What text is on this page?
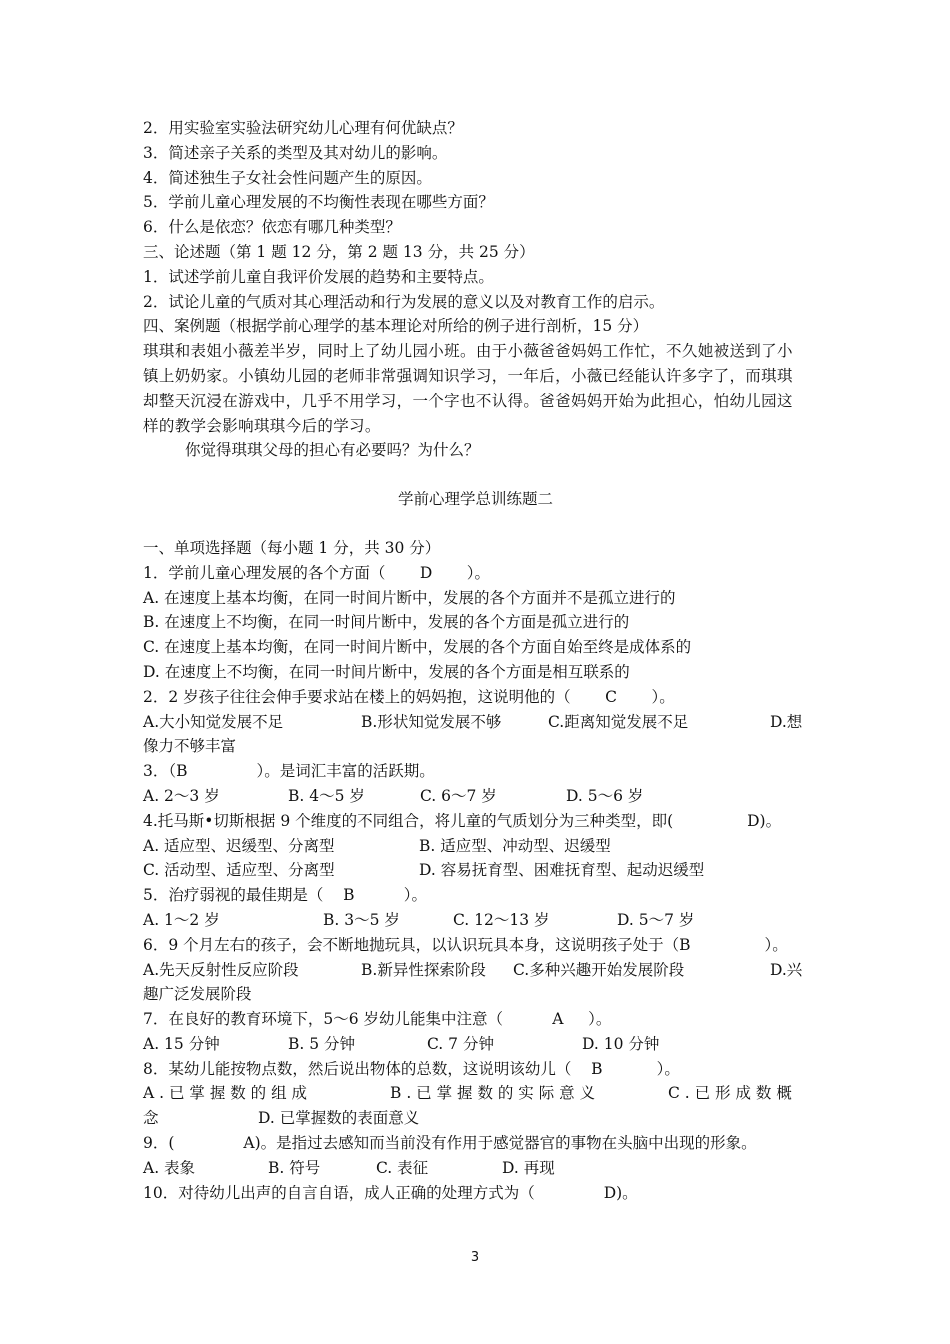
2．用实验室实验法研究幼儿心理有何优缺点？
3．简述亲子关系的类型及其对幼儿的影响。
4．简述独生子女社会性问题产生的原因。
5．学前儿童心理发展的不均衡性表现在哪些方面？
6．什么是依恋？依恋有哪几种类型？
三、论述题（第 1 题 12 分，第 2 题 13 分，共 25 分）
1．试述学前儿童自我评价发展的趋势和主要特点。
2．试论儿童的气质对其心理活动和行为发展的意义以及对教育工作的启示。
四、案例题（根据学前心理学的基本理论对所给的例子进行剖析，15 分）
琪琪和表姐小薇差半岁，同时上了幼儿园小班。由于小薇爸爸妈妈工作忙，不久她被送到了小镇上奶奶家。小镇幼儿园的老师非常强调知识学习，一年后，小薇已经能认许多字了，而琪琪却整天沉浸在游戏中，几乎不用学习，一个字也不认得。爸爸妈妈开始为此担心，怕幼儿园这样的教学会影响琪琪今后的学习。
你觉得琪琪父母的担心有必要吗？为什么？
学前心理学总训练题二
一、单项选择题（每小题 1 分，共 30 分）
1．学前儿童心理发展的各个方面（       D       ）。
A. 在速度上基本均衡，在同一时间片断中，发展的各个方面并不是孤立进行的
B. 在速度上不均衡，在同一时间片断中，发展的各个方面是孤立进行的
C. 在速度上基本均衡，在同一时间片断中，发展的各个方面自始至终是成体系的
D. 在速度上不均衡，在同一时间片断中，发展的各个方面是相互联系的
2．2 岁孩子往往会伸手要求站在楼上的妈妈抱，这说明他的（       C       ）。
A.大小知觉发展不足	B.形状知觉发展不够	C.距离知觉发展不足	D.想
像力不够丰富
3．（B              ）。是词汇丰富的活跃期。
A. 2～3 岁	B. 4～5 岁	C. 6～7 岁	D. 5～6 岁
4.托马斯•切斯根据 9 个维度的不同组合，将儿童的气质划分为三种类型，即(               D)。
A. 适应型、迟缓型、分离型	B. 适应型、冲动型、迟缓型
C. 活动型、适应型、分离型	D. 容易抚育型、困难抚育型、起动迟缓型
5．治疗弱视的最佳期是（    B          ）。
A. 1～2 岁	B. 3～5 岁	C. 12～13 岁	D. 5～7 岁
6．9 个月左右的孩子，会不断地抛玩具，以认识玩具本身，这说明孩子处于（B               ）。
A.先天反射性反应阶段	B.新异性探索阶段	C.多种兴趣开始发展阶段	D.兴
趣广泛发展阶段
7．在良好的教育环境下，5～6 岁幼儿能集中注意（          A     ）。
A. 15 分钟	B. 5 分钟	C. 7 分钟	D. 10 分钟
8．某幼儿能按物点数，然后说出物体的总数，这说明该幼儿（    B           ）。
A . 已 掌 握 数 的 组 成	B . 已 掌 握 数 的 实 际 意 义	C . 已 形 成 数 概
念	D. 已掌握数的表面意义
9．(              A)。是指过去感知而当前没有作用于感觉器官的事物在头脑中出现的形象。
A. 表象	B. 符号	C. 表征	D. 再现
10．对待幼儿出声的自言自语，成人正确的处理方式为（              D)。
3
